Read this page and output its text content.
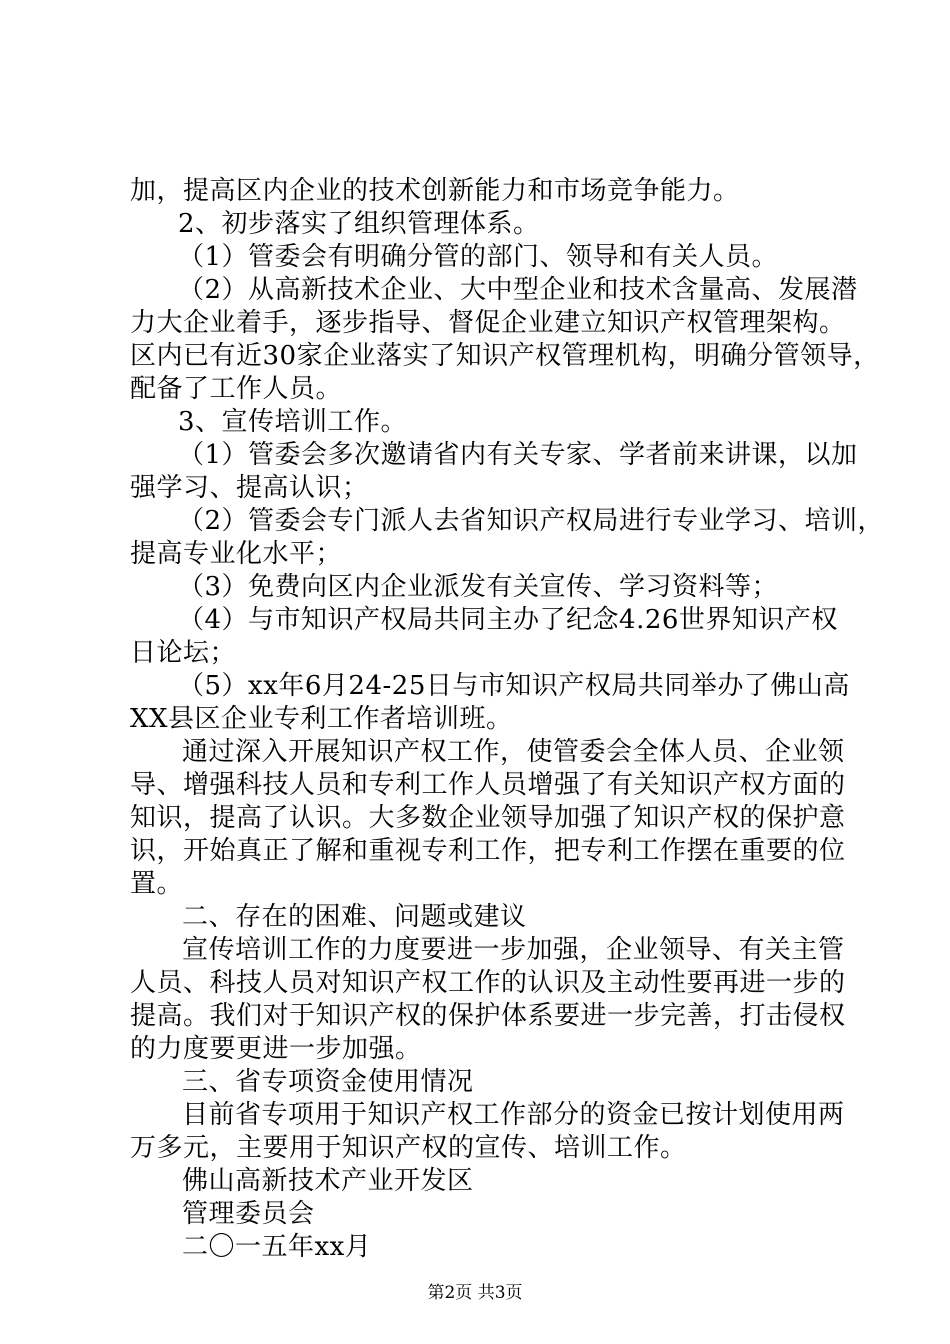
加，提高区内企业的技术创新能力和市场竞争能力。
2、初步落实了组织管理体系。
（1）管委会有明确分管的部门、领导和有关人员。
（2）从高新技术企业、大中型企业和技术含量高、发展潜
力大企业着手，逐步指导、督促企业建立知识产权管理架构。
区内已有近30家企业落实了知识产权管理机构，明确分管领导，
配备了工作人员。
3、宣传培训工作。
（1）管委会多次邀请省内有关专家、学者前来讲课，以加
强学习、提高认识；
（2）管委会专门派人去省知识产权局进行专业学习、培训，
提高专业化水平；
（3）免费向区内企业派发有关宣传、学习资料等；
（4）与市知识产权局共同主办了纪念4.26世界知识产权
日论坛；
（5）xx年6月24-25日与市知识产权局共同举办了佛山高
XX县区企业专利工作者培训班。
通过深入开展知识产权工作，使管委会全体人员、企业领
导、增强科技人员和专利工作人员增强了有关知识产权方面的
知识，提高了认识。大多数企业领导加强了知识产权的保护意
识，开始真正了解和重视专利工作，把专利工作摆在重要的位
置。
二、存在的困难、问题或建议
宣传培训工作的力度要进一步加强，企业领导、有关主管
人员、科技人员对知识产权工作的认识及主动性要再进一步的
提高。我们对于知识产权的保护体系要进一步完善，打击侵权
的力度要更进一步加强。
三、省专项资金使用情况
目前省专项用于知识产权工作部分的资金已按计划使用两
万多元，主要用于知识产权的宣传、培训工作。
佛山高新技术产业开发区
管理委员会
二〇一五年xx月
第2页 共3页
